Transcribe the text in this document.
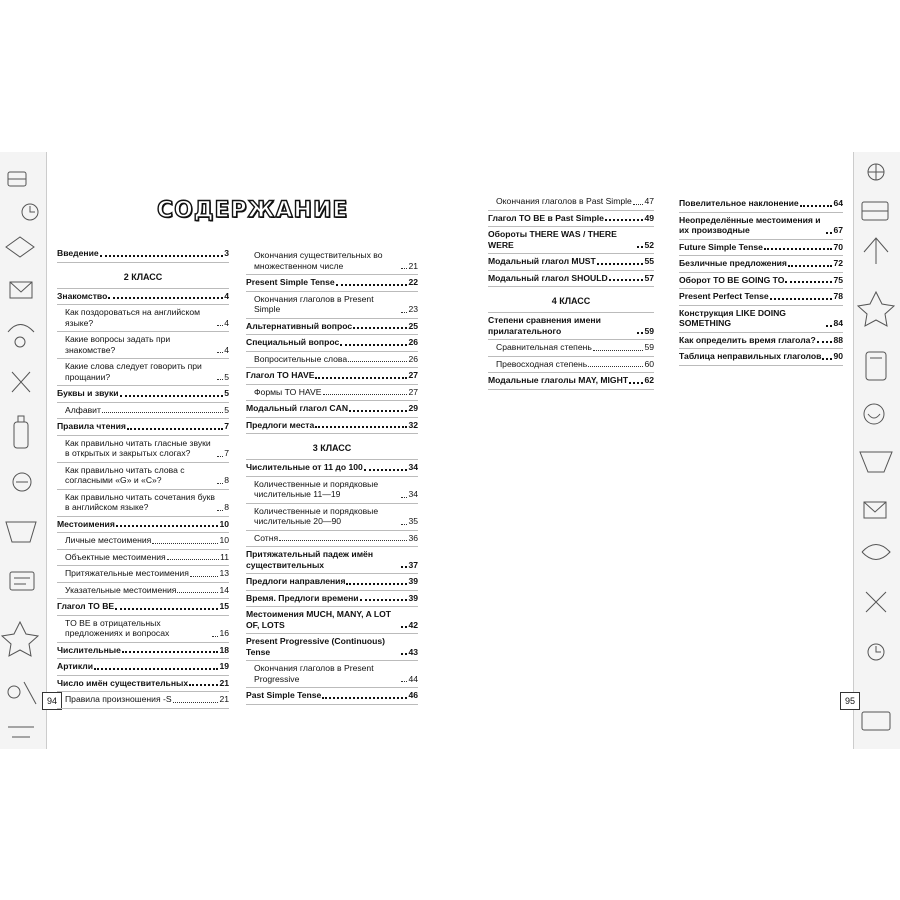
94	95
СОДЕРЖАНИЕ
Введение	3
2 КЛАСС
Знакомство	4
Как поздороваться на английском языке?	4
Какие вопросы задать при знакомстве?	4
Какие слова следует говорить при прощании?	5
Буквы и звуки	5
Алфавит	5
Правила чтения	7
Как правильно читать гласные звуки в открытых и закрытых слогах?	7
Как правильно читать слова с согласными «G» и «C»?	8
Как правильно читать сочетания букв в английском языке?	8
Местоимения	10
Личные местоимения	10
Объектные местоимения	11
Притяжательные местоимения	13
Указательные местоимения	14
Глагол TO BE	15
TO BE в отрицательных предложениях и вопросах	16
Числительные	18
Артикли	19
Число имён существительных	21
Правила произношения -S	21
Окончания существительных во множественном числе	21
Present Simple Tense	22
Окончания глаголов в Present Simple	23
Альтернативный вопрос	25
Специальный вопрос	26
Вопросительные слова	26
Глагол TO HAVE	27
Формы TO HAVE	27
Модальный глагол CAN	29
Предлоги места	32
3 КЛАСС
Числительные от 11 до 100	34
Количественные и порядковые числительные 11—19	34
Количественные и порядковые числительные 20—90	35
Сотня	36
Притяжательный падеж имён существительных	37
Предлоги направления	39
Время. Предлоги времени	39
Местоимения MUCH, MANY, A LOT OF, LOTS	42
Present Progressive (Continuous) Tense	43
Окончания глаголов в Present Progressive	44
Past Simple Tense	46
Окончания глаголов в Past Simple 47
Глагол TO BE в Past Simple	49
Обороты THERE WAS / THERE WERE	52
Модальный глагол MUST	55
Модальный глагол SHOULD	57
4 КЛАСС
Степени сравнения имени прилагательного	59
Сравнительная степень	59
Превосходная степень	60
Модальные глаголы MAY, MIGHT 62
Повелительное наклонение	64
Неопределённые местоимения и их производные	67
Future Simple Tense	70
Безличные предложения	72
Оборот TO BE GOING TO	75
Present Perfect Tense	78
Конструкция LIKE DOING SOMETHING	84
Как определить время глагола? 88
Таблица неправильных глаголов 90
